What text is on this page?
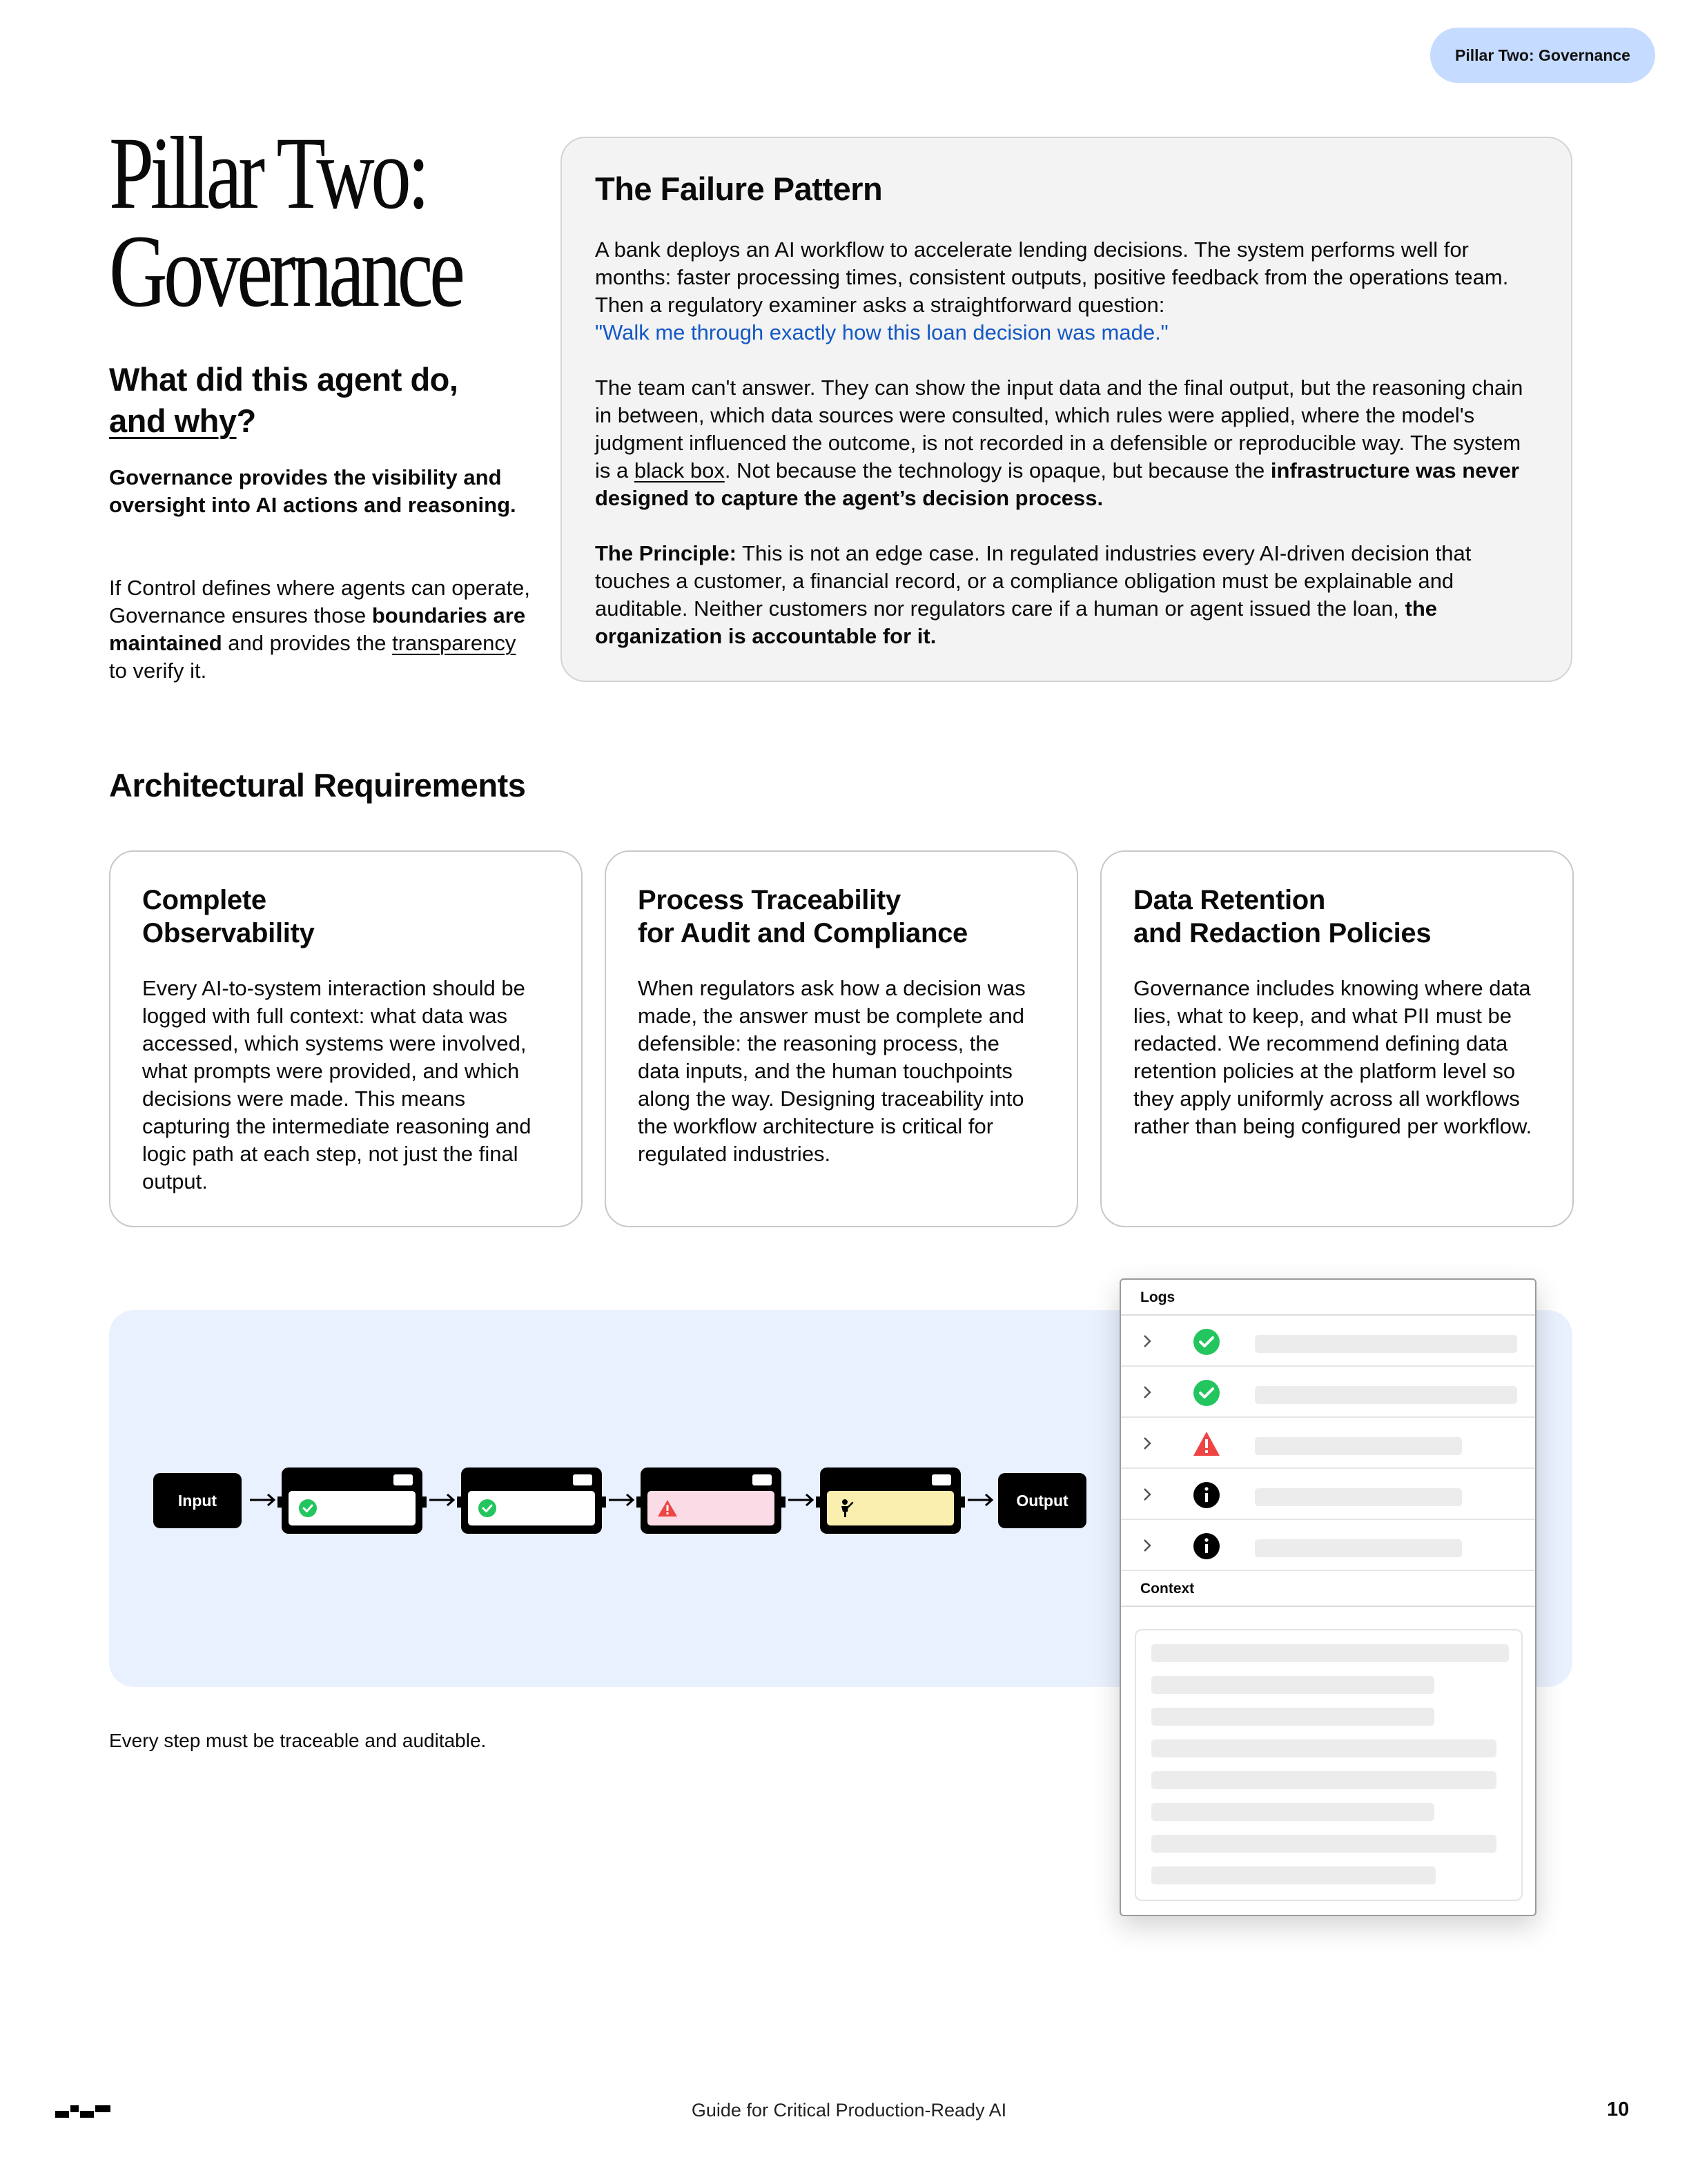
Pillar Two: Governance
Pillar Two:
Governance
What did this agent do, and why?
Governance provides the visibility and oversight into AI actions and reasoning.
If Control defines where agents can operate, Governance ensures those boundaries are maintained and provides the transparency to verify it.
The Failure Pattern

A bank deploys an AI workflow to accelerate lending decisions. The system performs well for months: faster processing times, consistent outputs, positive feedback from the operations team. Then a regulatory examiner asks a straightforward question:
"Walk me through exactly how this loan decision was made."

The team can't answer. They can show the input data and the final output, but the reasoning chain in between, which data sources were consulted, which rules were applied, where the model's judgment influenced the outcome, is not recorded in a defensible or reproducible way. The system is a black box. Not because the technology is opaque, but because the infrastructure was never designed to capture the agent’s decision process.

The Principle: This is not an edge case. In regulated industries every AI-driven decision that touches a customer, a financial record, or a compliance obligation must be explainable and auditable. Neither customers nor regulators care if a human or agent issued the loan, the organization is accountable for it.

Architectural Requirements
Complete
Observability

Every AI-to-system interaction should be logged with full context: what data was accessed, which systems were involved, what prompts were provided, and which decisions were made. This means capturing the intermediate reasoning and logic path at each step, not just the final output.

Process Traceability
for Audit and Compliance

When regulators ask how a decision was made, the answer must be complete and defensible: the reasoning process, the data inputs, and the human touchpoints along the way. Designing traceability into the workflow architecture is critical for regulated industries.

Data Retention
and Redaction Policies

Governance includes knowing where data lies, what to keep, and what PII must be redacted. We recommend defining data retention policies at the platform level so they apply uniformly across all workflows rather than being configured per workflow.

Input	Output
Every step must be traceable and auditable.
Logs
Context
Guide for Critical Production-Ready AI	10
